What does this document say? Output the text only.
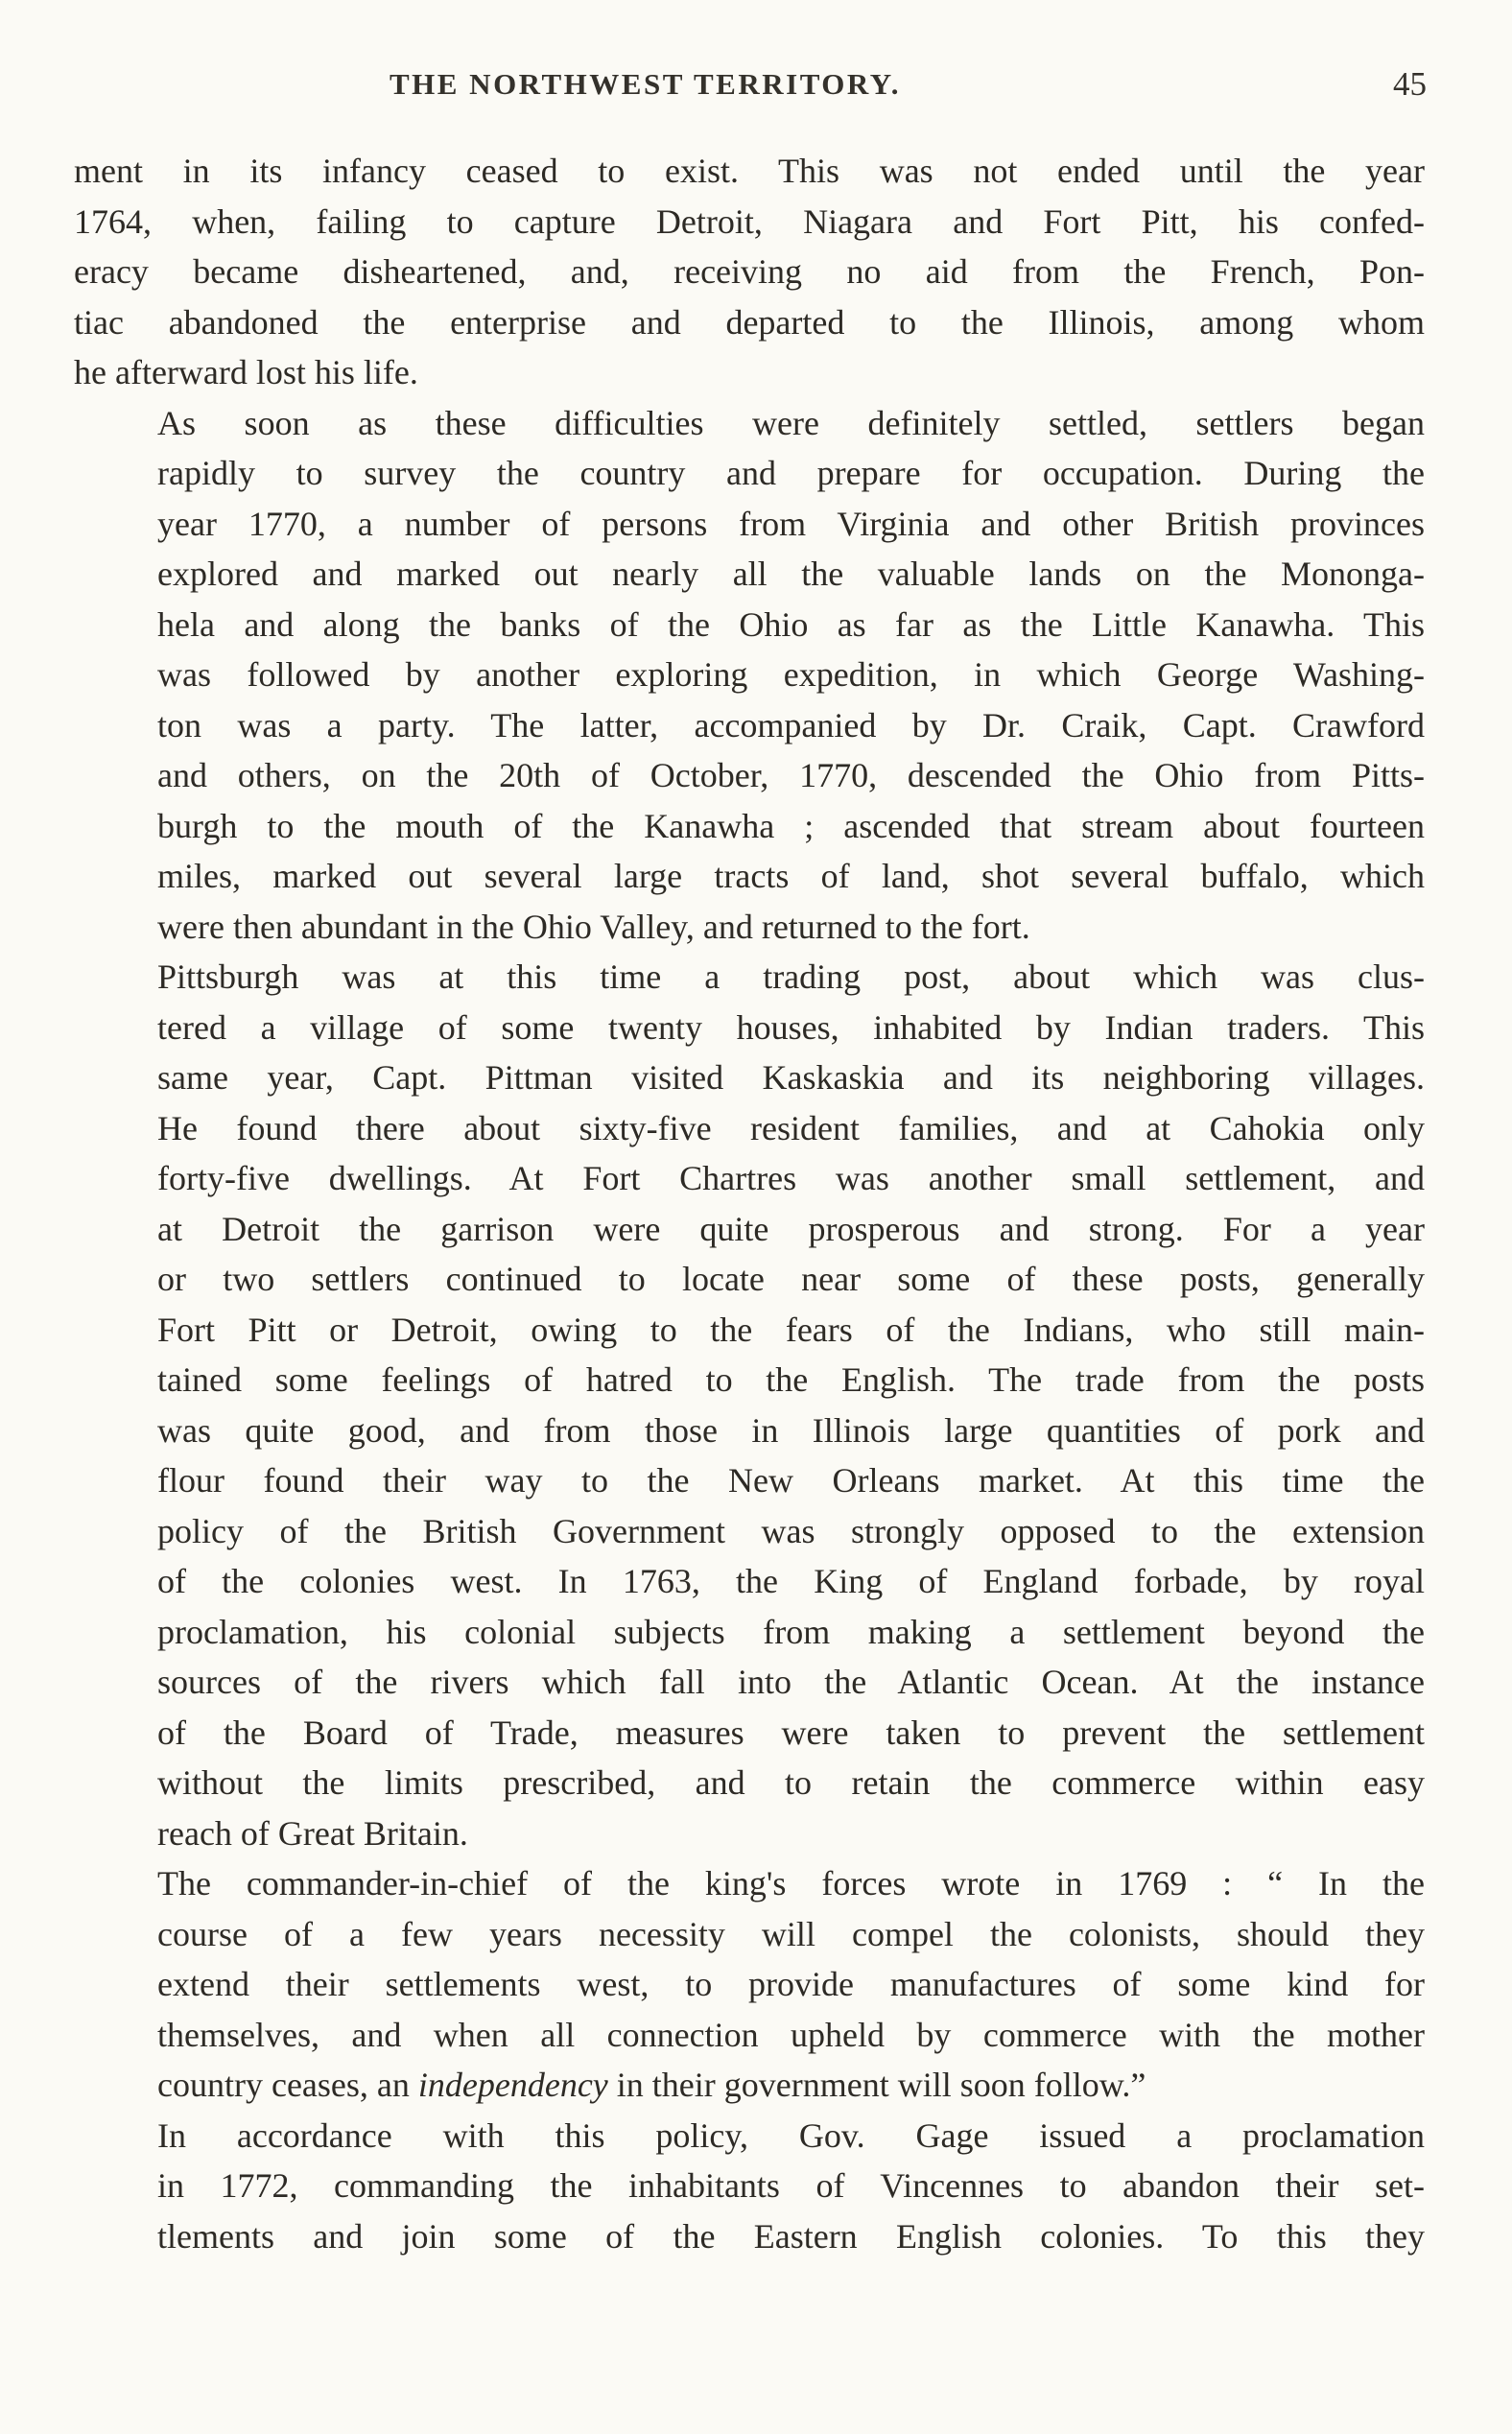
THE NORTHWEST TERRITORY.	45

ment in its infancy ceased to exist. This was not ended until the year
1764, when, failing to capture Detroit, Niagara and Fort Pitt, his confed-
eracy became disheartened, and, receiving no aid from the French, Pon-
tiac abandoned the enterprise and departed to the Illinois, among whom
he afterward lost his life.

As soon as these difficulties were definitely settled, settlers began
rapidly to survey the country and prepare for occupation. During the
year 1770, a number of persons from Virginia and other British provinces
explored and marked out nearly all the valuable lands on the Mononga-
hela and along the banks of the Ohio as far as the Little Kanawha. This
was followed by another exploring expedition, in which George Washing-
ton was a party. The latter, accompanied by Dr. Craik, Capt. Crawford
and others, on the 20th of October, 1770, descended the Ohio from Pitts-
burgh to the mouth of the Kanawha ; ascended that stream about fourteen
miles, marked out several large tracts of land, shot several buffalo, which
were then abundant in the Ohio Valley, and returned to the fort.

Pittsburgh was at this time a trading post, about which was clus-
tered a village of some twenty houses, inhabited by Indian traders. This
same year, Capt. Pittman visited Kaskaskia and its neighboring villages.
He found there about sixty-five resident families, and at Cahokia only
forty-five dwellings. At Fort Chartres was another small settlement, and
at Detroit the garrison were quite prosperous and strong. For a year
or two settlers continued to locate near some of these posts, generally
Fort Pitt or Detroit, owing to the fears of the Indians, who still main-
tained some feelings of hatred to the English. The trade from the posts
was quite good, and from those in Illinois large quantities of pork and
flour found their way to the New Orleans market. At this time the
policy of the British Government was strongly opposed to the extension
of the colonies west. In 1763, the King of England forbade, by royal
proclamation, his colonial subjects from making a settlement beyond the
sources of the rivers which fall into the Atlantic Ocean. At the instance
of the Board of Trade, measures were taken to prevent the settlement
without the limits prescribed, and to retain the commerce within easy
reach of Great Britain.

The commander-in-chief of the king's forces wrote in 1769 : “ In the
course of a few years necessity will compel the colonists, should they
extend their settlements west, to provide manufactures of some kind for
themselves, and when all connection upheld by commerce with the mother
country ceases, an independency in their government will soon follow.”

In accordance with this policy, Gov. Gage issued a proclamation
in 1772, commanding the inhabitants of Vincennes to abandon their set-
tlements and join some of the Eastern English colonies. To this they
